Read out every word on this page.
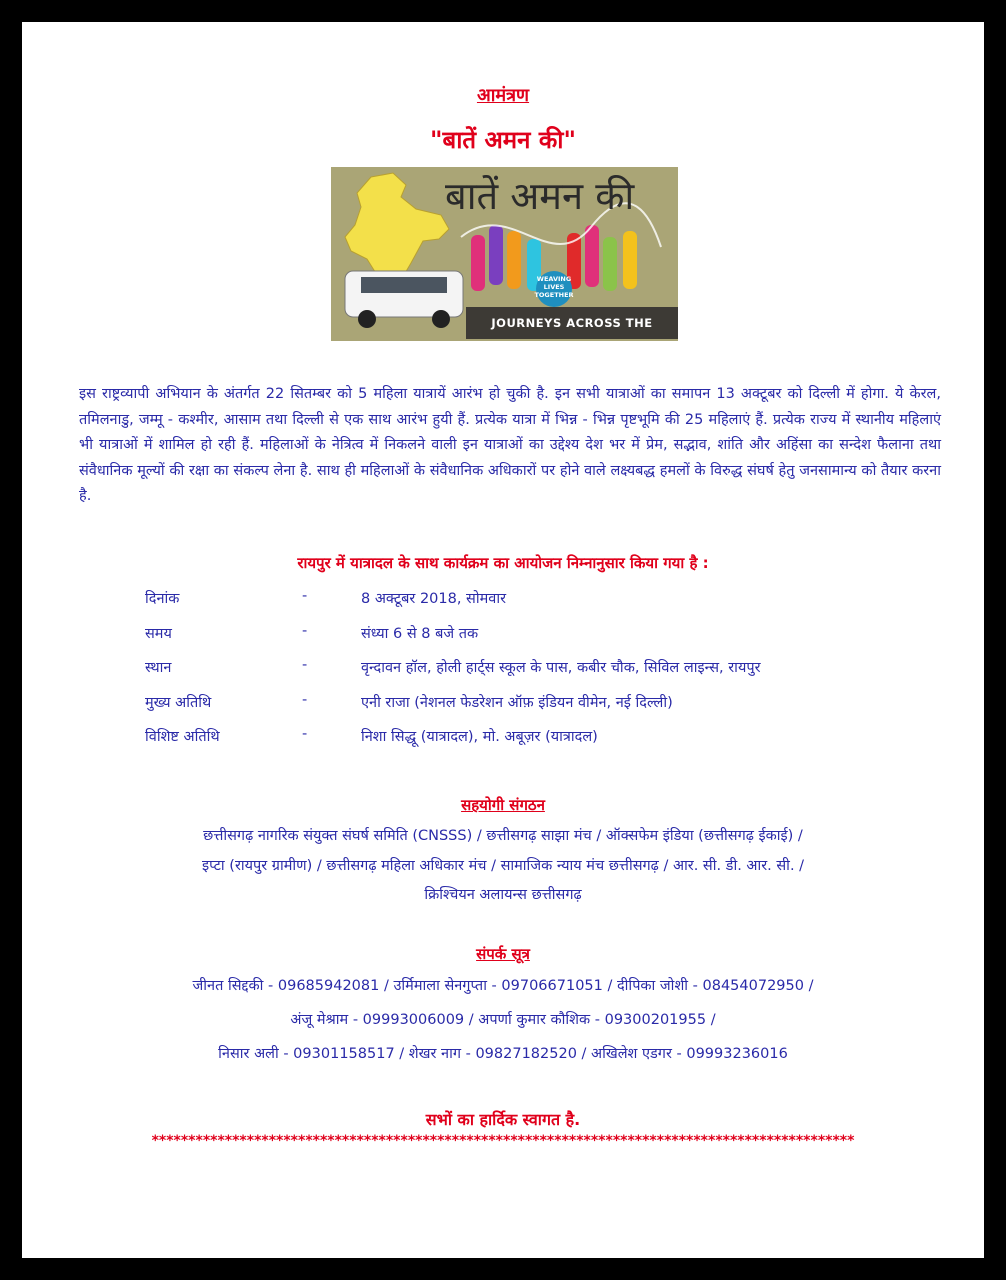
आमंत्रण
"बातें अमन की"
बातें अमन की
WEAVING LIVES TOGETHER
JOURNEYS ACROSS THE NATION
इस राष्ट्रव्यापी अभियान के अंतर्गत 22 सितम्बर को 5 महिला यात्रायें आरंभ हो चुकी है. इन सभी यात्राओं का समापन 13 अक्टूबर को दिल्ली में होगा. ये केरल, तमिलनाडु, जम्मू - कश्मीर, आसाम तथा दिल्ली से एक साथ आरंभ हुयी हैं. प्रत्येक यात्रा में भिन्न - भिन्न पृष्टभूमि की 25 महिलाएं हैं. प्रत्येक राज्य में स्थानीय महिलाएं भी यात्राओं में शामिल हो रही हैं. महिलाओं के नेत्रित्व में निकलने वाली इन यात्राओं का उद्देश्य देश भर में प्रेम, सद्भाव, शांति और अहिंसा का सन्देश फैलाना तथा संवैधानिक मूल्यों की रक्षा का संकल्प लेना है. साथ ही महिलाओं के संवैधानिक अधिकारों पर होने वाले लक्ष्यबद्ध हमलों के विरुद्ध संघर्ष हेतु जनसामान्य को तैयार करना है.
रायपुर में यात्रादल के साथ कार्यक्रम का आयोजन निम्नानुसार किया गया है :
दिनांक	-	8 अक्टूबर 2018, सोमवार
समय	-	संध्या 6 से 8 बजे तक
स्थान	-	वृन्दावन हॉल, होली हार्ट्स स्कूल के पास, कबीर चौक, सिविल लाइन्स, रायपुर
मुख्य अतिथि	-	एनी राजा (नेशनल फेडरेशन ऑफ़ इंडियन वीमेन, नई दिल्ली)
विशिष्ट अतिथि	-	निशा सिद्धू (यात्रादल), मो. अबूज़र (यात्रादल)
सहयोगी संगठन
छत्तीसगढ़ नागरिक संयुक्त संघर्ष समिति (CNSSS) / छत्तीसगढ़ साझा मंच / ऑक्सफेम इंडिया (छत्तीसगढ़ ईकाई) /
इप्टा (रायपुर ग्रामीण) / छत्तीसगढ़ महिला अधिकार मंच / सामाजिक न्याय मंच छत्तीसगढ़ / आर. सी. डी. आर. सी. /
क्रिश्चियन अलायन्स छत्तीसगढ़
संपर्क सूत्र
जीनत सिद्दकी - 09685942081 / उर्मिमाला सेनगुप्ता - 09706671051 / दीपिका जोशी - 08454072950 /
अंजू मेश्राम - 09993006009 / अपर्णा कुमार कौशिक - 09300201955 /
निसार अली - 09301158517 / शेखर नाग - 09827182520 / अखिलेश एडगर - 09993236016
सभों का हार्दिक स्वागत है.
************************************************************************************************
